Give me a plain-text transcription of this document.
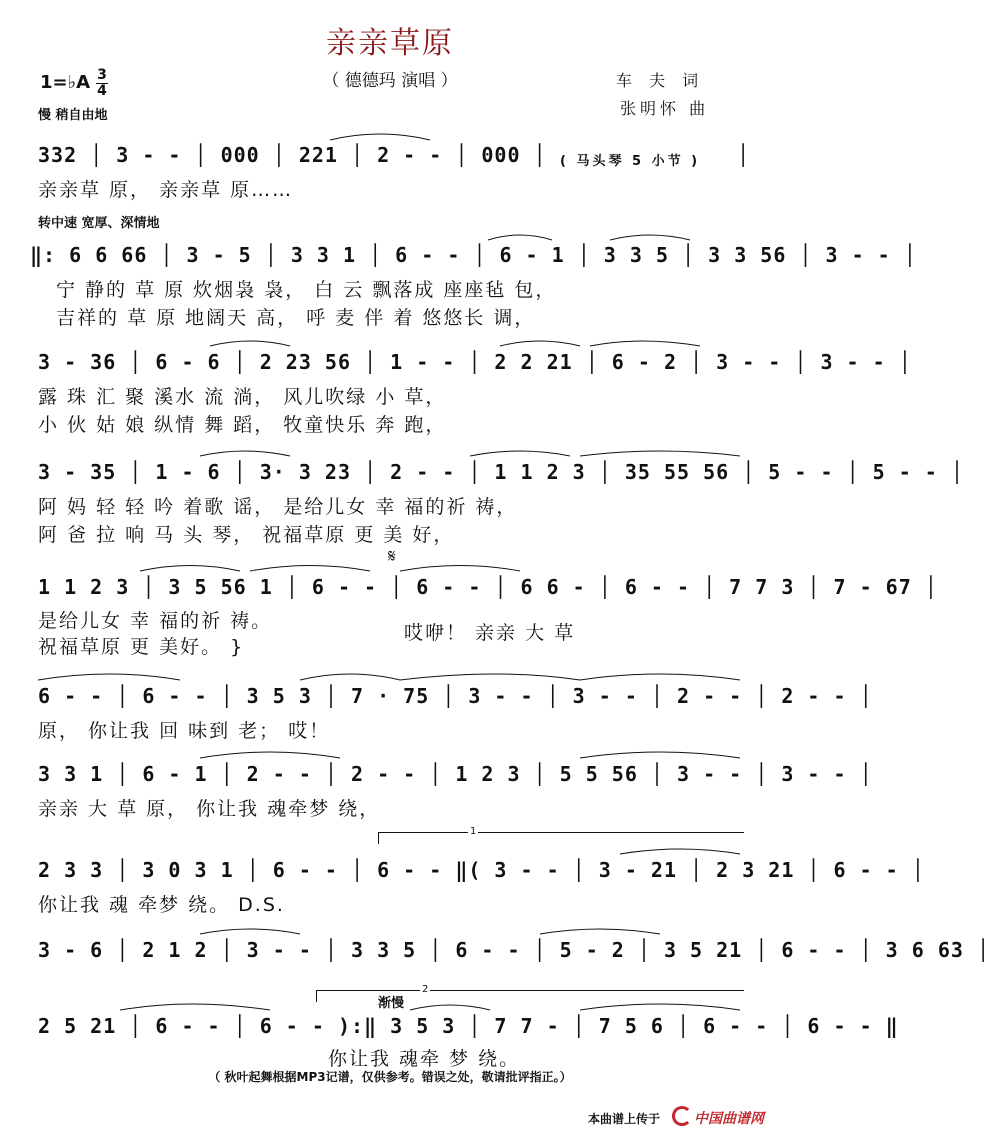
亲亲草原
（ 德德玛 演唱 ）
1=♭A 3
4
慢 稍自由地
车 夫 词
张明怀 曲
332 │ 3 - - │ 000 │ 221 │ 2 - - │ 000 │ ( 马头琴 5 小节 ) │
亲亲草 原， 亲亲草 原……
转中速 宽厚、深情地
‖: 6 6 66 │ 3 - 5 │ 3 3 1 │ 6 - - │ 6 - 1 │ 3 3 5 │ 3 3 56 │ 3 - - │
宁 静的 草 原 炊烟袅 袅， 白 云 飘落成 座座毡 包，
吉祥的 草 原 地阔天 高， 呼 麦 伴 着 悠悠长 调，
3 - 36 │ 6 - 6 │ 2 23 56 │ 1 - - │ 2 2 21 │ 6 - 2 │ 3 - - │ 3 - - │
露 珠 汇 聚 溪水 流 淌， 风儿吹绿 小 草，
小 伙 姑 娘 纵情 舞 蹈， 牧童快乐 奔 跑，
3 - 35 │ 1 - 6 │ 3· 3 23 │ 2 - - │ 1 1 2 3 │ 35 55 56 │ 5 - - │ 5 - - │
阿 妈 轻 轻 吟 着歌 谣， 是给儿女 幸 福的祈 祷，
阿 爸 拉 响 马 头 琴， 祝福草原 更 美 好，
𝄋
1 1 2 3 │ 3 5 56 1 │ 6 - - │ 6 - - │ 6 6 - │ 6 - - │ 7 7 3 │ 7 - 67 │
是给儿女 幸 福的祈 祷。
祝福草原 更 美好。 }
哎咿！ 亲亲 大 草
6 - - │ 6 - - │ 3 5 3 │ 7 · 75 │ 3 - - │ 3 - - │ 2 - - │ 2 - - │
原， 你让我 回 味到 老； 哎！
3 3 1 │ 6 - 1 │ 2 - - │ 2 - - │ 1 2 3 │ 5 5 56 │ 3 - - │ 3 - - │
亲亲 大 草 原， 你让我 魂牵梦 绕，
1
2 3 3 │ 3 0 3 1 │ 6 - - │ 6 - - ‖( 3 - - │ 3 - 21 │ 2 3 21 │ 6 - - │
你让我 魂 牵梦 绕。 D.S.
3 - 6 │ 2 1 2 │ 3 - - │ 3 3 5 │ 6 - - │ 5 - 2 │ 3 5 21 │ 6 - - │ 3 6 63 │
渐慢
2
2 5 21 │ 6 - - │ 6 - - ):‖ 3 5 3 │ 7 7 - │ 7 5 6 │ 6 - - │ 6 - - ‖
你让我 魂牵 梦 绕。
（ 秋叶起舞根据MP3记谱，仅供参考。错误之处，敬请批评指正。）
本曲谱上传于	中国曲谱网
